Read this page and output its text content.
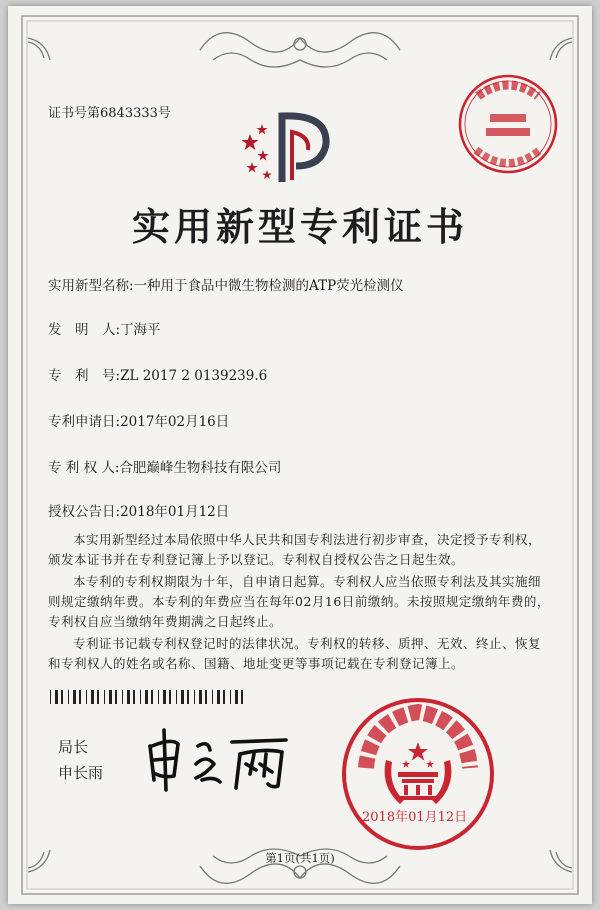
证书号第6843333号
实用新型专利证书
实用新型名称:一种用于食品中微生物检测的ATP荧光检测仪
发　明　人:丁海平
专　利　号:ZL 2017 2 0139239.6
专利申请日:2017年02月16日
专 利 权 人:合肥巅峰生物科技有限公司
授权公告日:2018年01月12日

本实用新型经过本局依照中华人民共和国专利法进行初步审查，决定授予专利权，颁发本证书并在专利登记簿上予以登记。专利权自授权公告之日起生效。

本专利的专利权期限为十年，自申请日起算。专利权人应当依照专利法及其实施细则规定缴纳年费。本专利的年费应当在每年02月16日前缴纳。未按照规定缴纳年费的，专利权自应当缴纳年费期满之日起终止。

专利证书记载专利权登记时的法律状况。专利权的转移、质押、无效、终止、恢复和专利权人的姓名或名称、国籍、地址变更等事项记载在专利登记簿上。

局长
申长雨
2018年01月12日
第1页(共1页)
